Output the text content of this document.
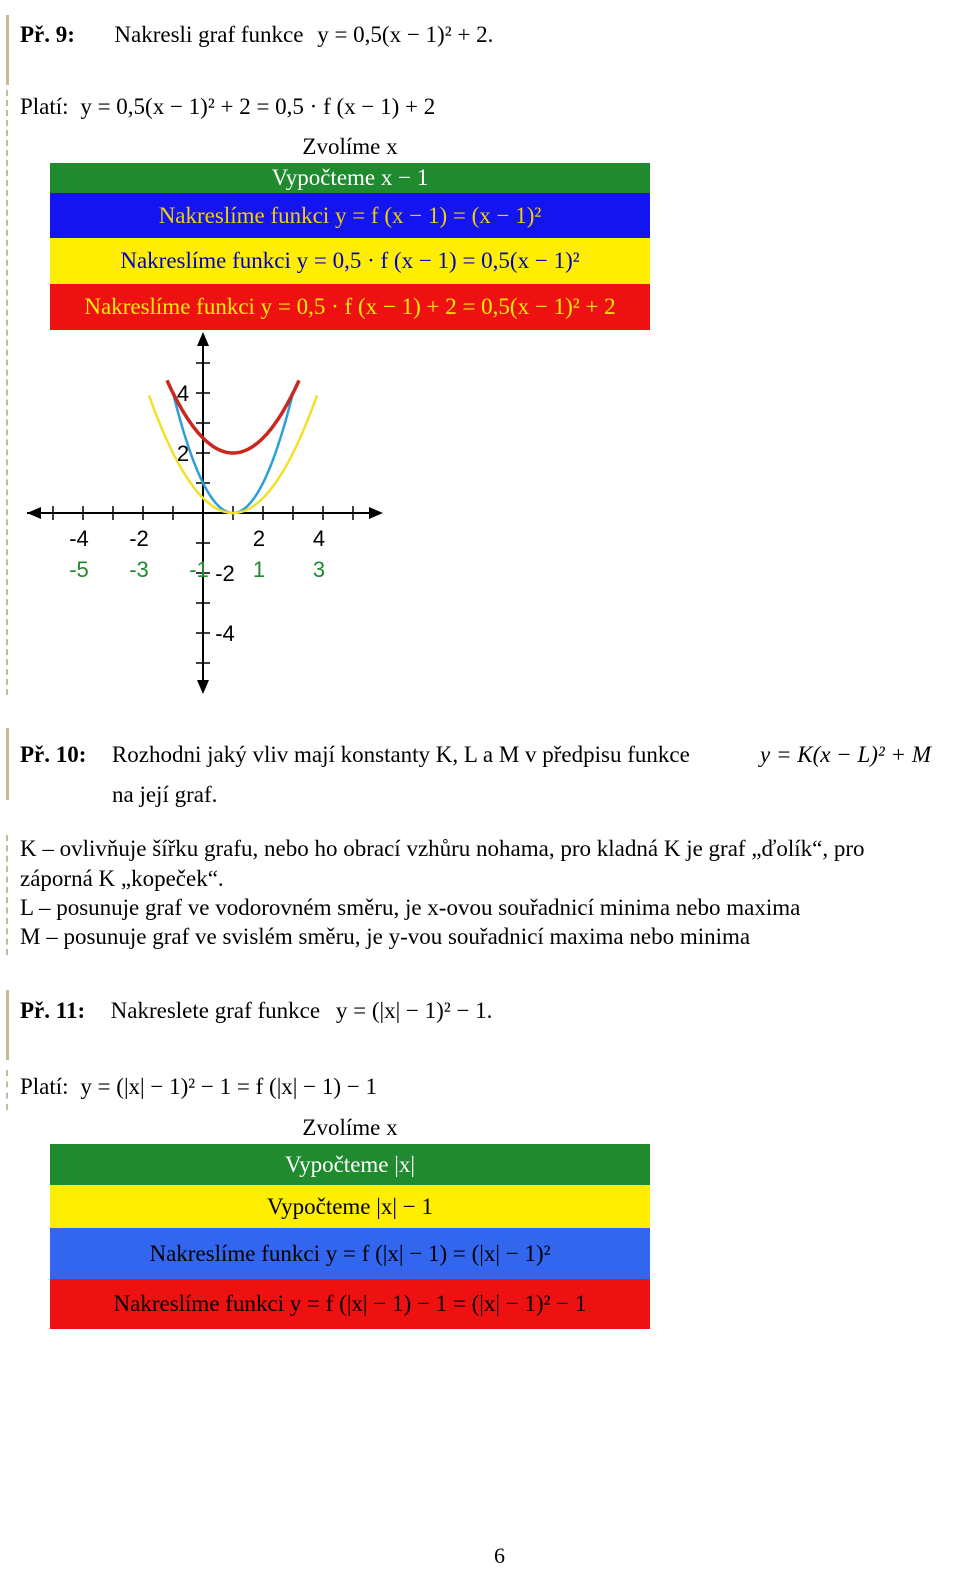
Př. 9: Nakresli graf funkce y = 0,5(x − 1)² + 2.
Platí: y = 0,5(x − 1)² + 2 = 0,5 · f (x − 1) + 2
Zvolíme x
Vypočteme x − 1
Nakreslíme funkci y = f (x − 1) = (x − 1)²
Nakreslíme funkci y = 0,5 · f (x − 1) = 0,5(x − 1)²
Nakreslíme funkci y = 0,5 · f (x − 1) + 2 = 0,5(x − 1)² + 2
-4 -2	2 4
-5 -3 -1 1 3
4
2
-2
-4
Př. 10: Rozhodni jaký vliv mají konstanty K, L a M v předpisu funkce	y = K(x − L)² + M
na její graf.
K – ovlivňuje šířku grafu, nebo ho obrací vzhůru nohama, pro kladná K je graf „ďolík“, pro
záporná K „kopeček“.
L – posunuje graf ve vodorovném směru, je x-ovou souřadnicí minima nebo maxima
M – posunuje graf ve svislém směru, je y-vou souřadnicí maxima nebo minima
Př. 11: Nakreslete graf funkce y = (|x| − 1)² − 1.
Platí: y = (|x| − 1)² − 1 = f (|x| − 1) − 1
Zvolíme x
Vypočteme |x|
Vypočteme |x| − 1
Nakreslíme funkci y = f (|x| − 1) = (|x| − 1)²
Nakreslíme funkci y = f (|x| − 1) − 1 = (|x| − 1)² − 1
6
